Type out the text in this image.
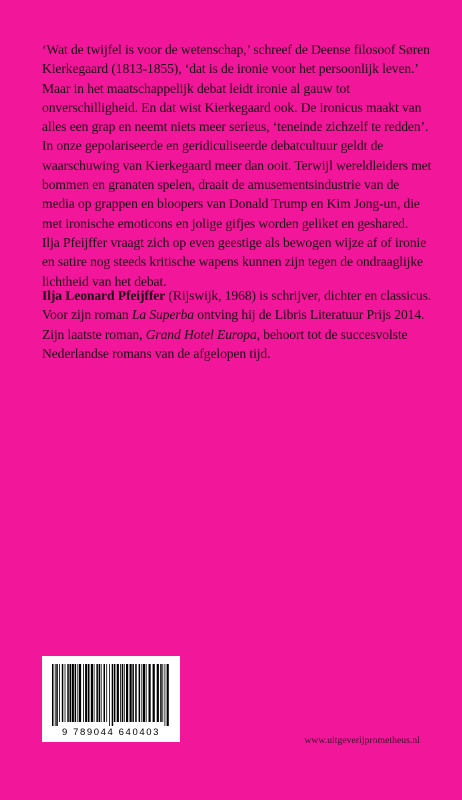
‘Wat de twijfel is voor de wetenschap,’ schreef de Deense filosoof Søren Kierkegaard (1813-1855), ‘dat is de ironie voor het persoonlijk leven.’ Maar in het maatschappelijk debat leidt ironie al gauw tot onverschilligheid. En dat wist Kierkegaard ook. De ironicus maakt van alles een grap en neemt niets meer serieus, ‘teneinde zichzelf te redden’.

In onze gepolariseerde en geridiculiseerde debatcultuur geldt de waarschuwing van Kierkegaard meer dan ooit. Terwijl wereldleiders met bommen en granaten spelen, draait de amusementsindustrie van de media op grappen en bloopers van Donald Trump en Kim Jong-un, die met ironische emoticons en jolige gifjes worden geliket en geshared.

Ilja Pfeijffer vraagt zich op even geestige als bewogen wijze af of ironie en satire nog steeds kritische wapens kunnen zijn tegen de ondraaglijke lichtheid van het debat.

Ilja Leonard Pfeijffer (Rijswijk, 1968) is schrijver, dichter en classicus. Voor zijn roman La Superba ontving hij de Libris Literatuur Prijs 2014. Zijn laatste roman, Grand Hotel Europa, behoort tot de succesvolste Nederlandse romans van de afgelopen tijd.

9 789044 640403
www.uitgeverijprometheus.nl
